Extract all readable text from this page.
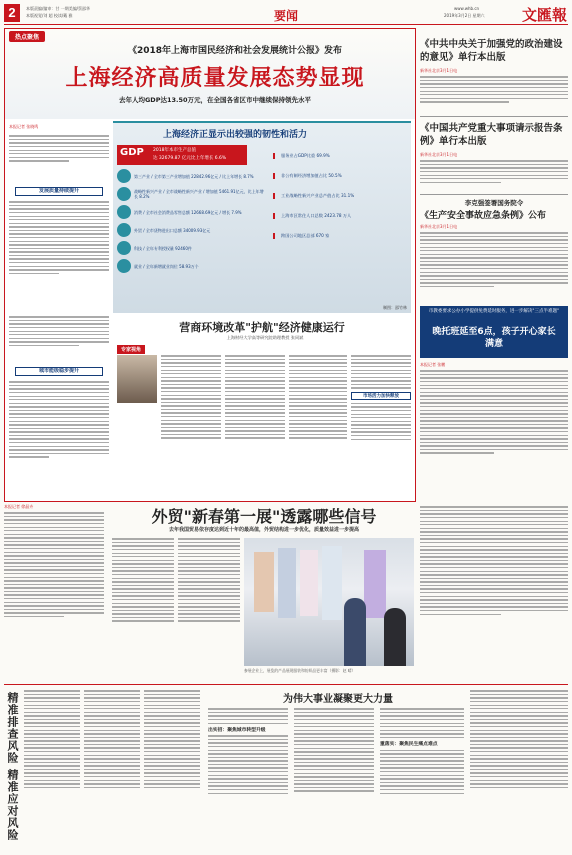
2	本版责编/编审：甘 一期美编/蔡邵华
本版视觉/刘 超 校读/戴 雅	要闻
www.whb.cn
2019年3月2日 星期六 文匯報
热点聚焦
《2018年上海市国民经济和社会发展统计公报》发布
上海经济高质量发展态势显现
去年人均GDP达13.50万元，在全国各省区市中继续保持领先水平
本报记者 张晓鸣
发展质量持续提升
城市能级稳步提升
上海经济正显示出较强的韧性和活力
GDP 2018年本市生产总值
达 32679.87 亿元比上年增长 6.6%
第三产业 / 全市第三产业增加值 22842.96亿元 / 比上年增长 8.7%
战略性新兴产业 / 全市战略性新兴产业 / 增加值 5461.91亿元，比上年增长 8.2%
消费 / 全市社会消费品零售总额 12668.69亿元 / 增长 7.9%
外贸 / 全市货物进出口总额 34009.93亿元
科技 / 全年专利授权量 92460件
就业 / 全年新增就业岗位 58.93万个
服务业占GDP比重 69.9%
非公有制经济增加值占比 50.5%
工业战略性新兴产业总产值占比 31.1%
上海市区常住人口总数 2423.78 万人
跨国公司地区总部 670 家
制图：邵竹林
营商环境改革"护航"经济健康运行
上海财经大学高等研究院助理教授 张同斌
专家视角
市场活力加快释放
《中共中央关于加强党的政治建设的意见》单行本出版
新华社北京3月1日电
《中国共产党重大事项请示报告条例》单行本出版
新华社北京3月1日电
李克强签署国务院令
《生产安全事故应急条例》公布
新华社北京3月1日电
市教委要求公办小学提供免费延时服务，进一步解决"三点半难题"
晚托班延至6点，孩子开心家长满意
本报记者 张鹏
本报记者 徐晶卉
外贸"新春第一展"透露哪些信号
去年我国贸易依存度达到近十年的最高值，外贸结构进一步优化，质量效益进一步提高
参展企业上，展览的产品展现服装和纺织品更丰富（摄影：赵 晴）
精准排查风险 精准应对风险	为伟大事业凝聚更大力量
出实招：聚焦城市转型升级
重落实：聚焦民生痛点难点
